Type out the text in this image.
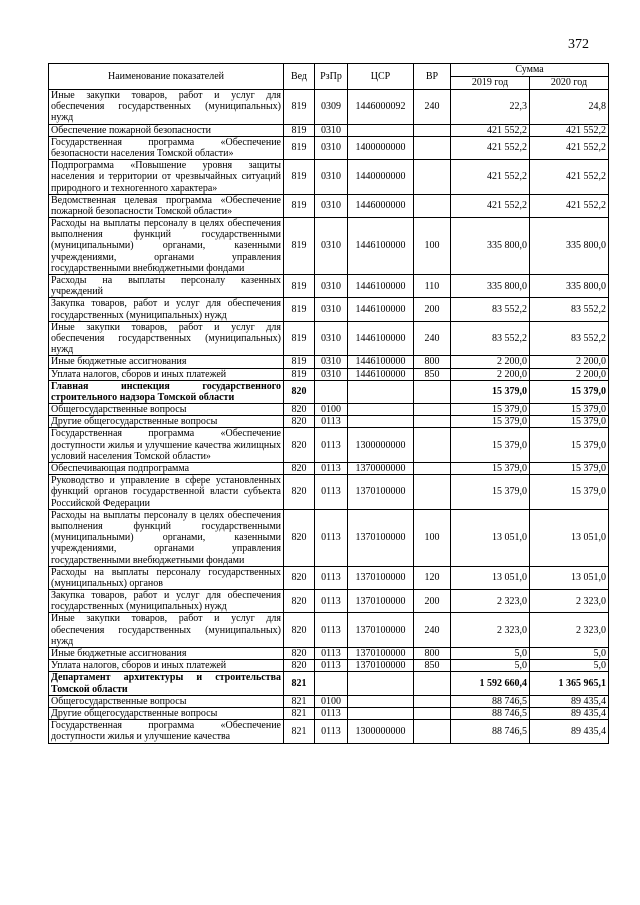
372
Наименование показателей	Вед	РзПр	ЦСР	ВР	Сумма	
					2019 год	2020 год
Иные закупки товаров, работ и услуг для обеспечения государственных (муниципальных) нужд	819	0309	1446000092	240	22,3	24,8
Обеспечение пожарной безопасности	819	0310			421 552,2	421 552,2
Государственная программа «Обеспечение безопасности населения Томской области»	819	0310	1400000000		421 552,2	421 552,2
Подпрограмма «Повышение уровня защиты населения и территории от чрезвычайных ситуаций природного и техногенного характера»	819	0310	1440000000		421 552,2	421 552,2
Ведомственная целевая программа «Обеспечение пожарной безопасности Томской области»	819	0310	1446000000		421 552,2	421 552,2
Расходы на выплаты персоналу в целях обеспечения выполнения функций государственными (муниципальными) органами, казенными учреждениями, органами управления государственными внебюджетными фондами	819	0310	1446100000	100	335 800,0	335 800,0
Расходы на выплаты персоналу казенных учреждений	819	0310	1446100000	110	335 800,0	335 800,0
Закупка товаров, работ и услуг для обеспечения государственных (муниципальных) нужд	819	0310	1446100000	200	83 552,2	83 552,2
Иные закупки товаров, работ и услуг для обеспечения государственных (муниципальных) нужд	819	0310	1446100000	240	83 552,2	83 552,2
Иные бюджетные ассигнования	819	0310	1446100000	800	2 200,0	2 200,0
Уплата налогов, сборов и иных платежей	819	0310	1446100000	850	2 200,0	2 200,0
Главная инспекция государственного строительного надзора Томской области	820				15 379,0	15 379,0
Общегосударственные вопросы	820	0100			15 379,0	15 379,0
Другие общегосударственные вопросы	820	0113			15 379,0	15 379,0
Государственная программа «Обеспечение доступности жилья и улучшение качества жилищных условий населения Томской области»	820	0113	1300000000		15 379,0	15 379,0
Обеспечивающая подпрограмма	820	0113	1370000000		15 379,0	15 379,0
Руководство и управление в сфере установленных функций органов государственной власти субъекта Российской Федерации	820	0113	1370100000		15 379,0	15 379,0
Расходы на выплаты персоналу в целях обеспечения выполнения функций государственными (муниципальными) органами, казенными учреждениями, органами управления государственными внебюджетными фондами	820	0113	1370100000	100	13 051,0	13 051,0
Расходы на выплаты персоналу государственных (муниципальных) органов	820	0113	1370100000	120	13 051,0	13 051,0
Закупка товаров, работ и услуг для обеспечения государственных (муниципальных) нужд	820	0113	1370100000	200	2 323,0	2 323,0
Иные закупки товаров, работ и услуг для обеспечения государственных (муниципальных) нужд	820	0113	1370100000	240	2 323,0	2 323,0
Иные бюджетные ассигнования	820	0113	1370100000	800	5,0	5,0
Уплата налогов, сборов и иных платежей	820	0113	1370100000	850	5,0	5,0
Департамент архитектуры и строительства Томской области	821				1 592 660,4	1 365 965,1
Общегосударственные вопросы	821	0100			88 746,5	89 435,4
Другие общегосударственные вопросы	821	0113			88 746,5	89 435,4
Государственная программа «Обеспечение доступности жилья и улучшение качества	821	0113	1300000000		88 746,5	89 435,4
